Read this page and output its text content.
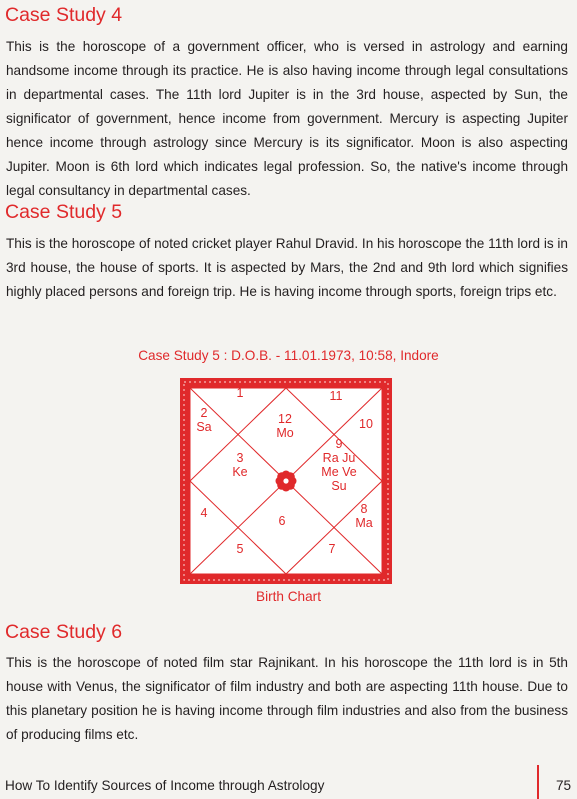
Case Study 4

This is the horoscope of a government officer, who is versed in astrology and earning handsome income through its practice. He is also having income through legal consultations in departmental cases. The 11th lord Jupiter is in the 3rd house, aspected by Sun, the significator of government, hence income from government. Mercury is aspecting Jupiter hence income through astrology since Mercury is its significator. Moon is also aspecting Jupiter. Moon is 6th lord which indicates legal profession. So, the native's income through legal consultancy in departmental cases.

Case Study 5

This is the horoscope of noted cricket player Rahul Dravid. In his horoscope the 11th lord is in 3rd house, the house of sports. It is aspected by Mars, the 2nd and 9th lord which signifies highly placed persons and foreign trip. He is having income through sports, foreign trips etc.

Case Study 5 : D.O.B. - 11.01.1973, 10:58, Indore

1
2
Sa
3
Ke
4
5
6
7
8
Ma
9
Ra Ju
Me Ve
Su
10
11
12
Mo

Birth Chart

Case Study 6

This is the horoscope of noted film star Rajnikant. In his horoscope the 11th lord is in 5th house with Venus, the significator of film industry and both are aspecting 11th house. Due to this planetary position he is having income through film industries and also from the business of producing films etc.

How To Identify Sources of Income through Astrology	75
